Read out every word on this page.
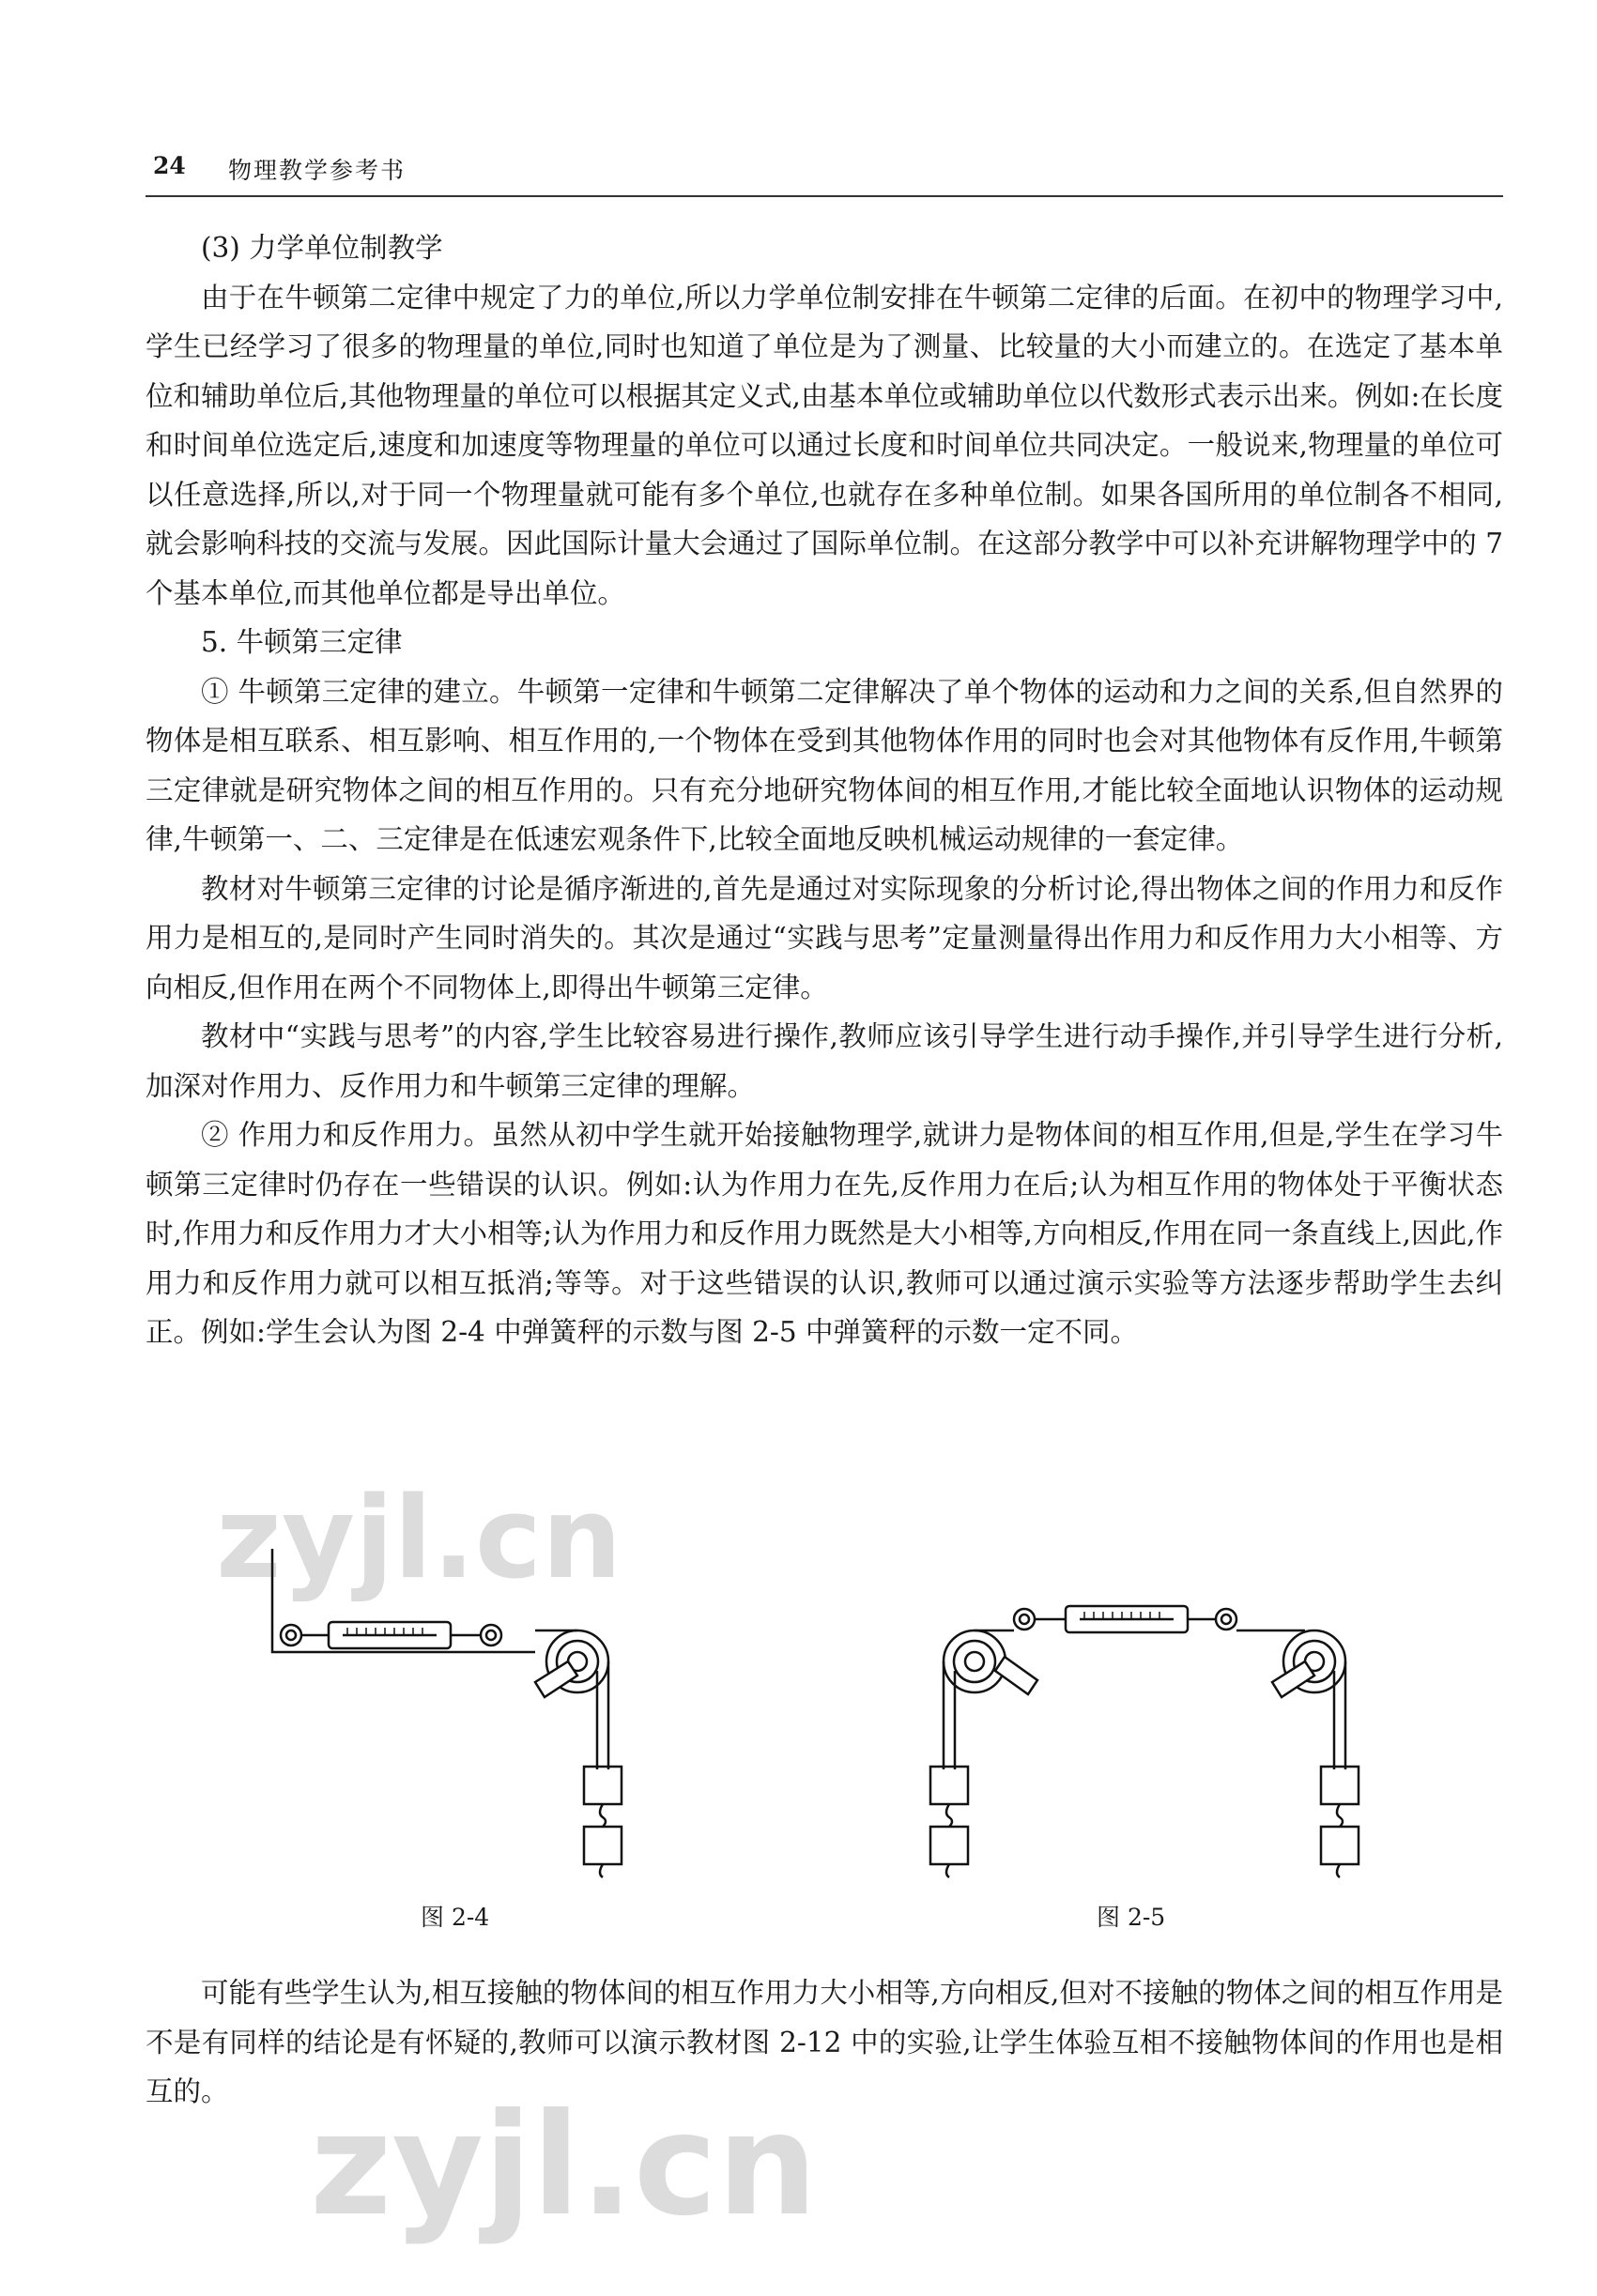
24 物理教学参考书

(3) 力学单位制教学

由于在牛顿第二定律中规定了力的单位,所以力学单位制安排在牛顿第二定律的后面。在初中的物理学习中,学生已经学习了很多的物理量的单位,同时也知道了单位是为了测量、比较量的大小而建立的。在选定了基本单位和辅助单位后,其他物理量的单位可以根据其定义式,由基本单位或辅助单位以代数形式表示出来。例如:在长度和时间单位选定后,速度和加速度等物理量的单位可以通过长度和时间单位共同决定。一般说来,物理量的单位可以任意选择,所以,对于同一个物理量就可能有多个单位,也就存在多种单位制。如果各国所用的单位制各不相同,就会影响科技的交流与发展。因此国际计量大会通过了国际单位制。在这部分教学中可以补充讲解物理学中的 7 个基本单位,而其他单位都是导出单位。

5. 牛顿第三定律

① 牛顿第三定律的建立。牛顿第一定律和牛顿第二定律解决了单个物体的运动和力之间的关系,但自然界的物体是相互联系、相互影响、相互作用的,一个物体在受到其他物体作用的同时也会对其他物体有反作用,牛顿第三定律就是研究物体之间的相互作用的。只有充分地研究物体间的相互作用,才能比较全面地认识物体的运动规律,牛顿第一、二、三定律是在低速宏观条件下,比较全面地反映机械运动规律的一套定律。

教材对牛顿第三定律的讨论是循序渐进的,首先是通过对实际现象的分析讨论,得出物体之间的作用力和反作用力是相互的,是同时产生同时消失的。其次是通过“实践与思考”定量测量得出作用力和反作用力大小相等、方向相反,但作用在两个不同物体上,即得出牛顿第三定律。

教材中“实践与思考”的内容,学生比较容易进行操作,教师应该引导学生进行动手操作,并引导学生进行分析,加深对作用力、反作用力和牛顿第三定律的理解。

② 作用力和反作用力。虽然从初中学生就开始接触物理学,就讲力是物体间的相互作用,但是,学生在学习牛顿第三定律时仍存在一些错误的认识。例如:认为作用力在先,反作用力在后;认为相互作用的物体处于平衡状态时,作用力和反作用力才大小相等;认为作用力和反作用力既然是大小相等,方向相反,作用在同一条直线上,因此,作用力和反作用力就可以相互抵消;等等。对于这些错误的认识,教师可以通过演示实验等方法逐步帮助学生去纠正。例如:学生会认为图 2-4 中弹簧秤的示数与图 2-5 中弹簧秤的示数一定不同。

图 2-4	图 2-5

可能有些学生认为,相互接触的物体间的相互作用力大小相等,方向相反,但对不接触的物体之间的相互作用是不是有同样的结论是有怀疑的,教师可以演示教材图 2-12 中的实验,让学生体验互相不接触物体间的作用也是相互的。

zyjl.cn
zyjl.cn
